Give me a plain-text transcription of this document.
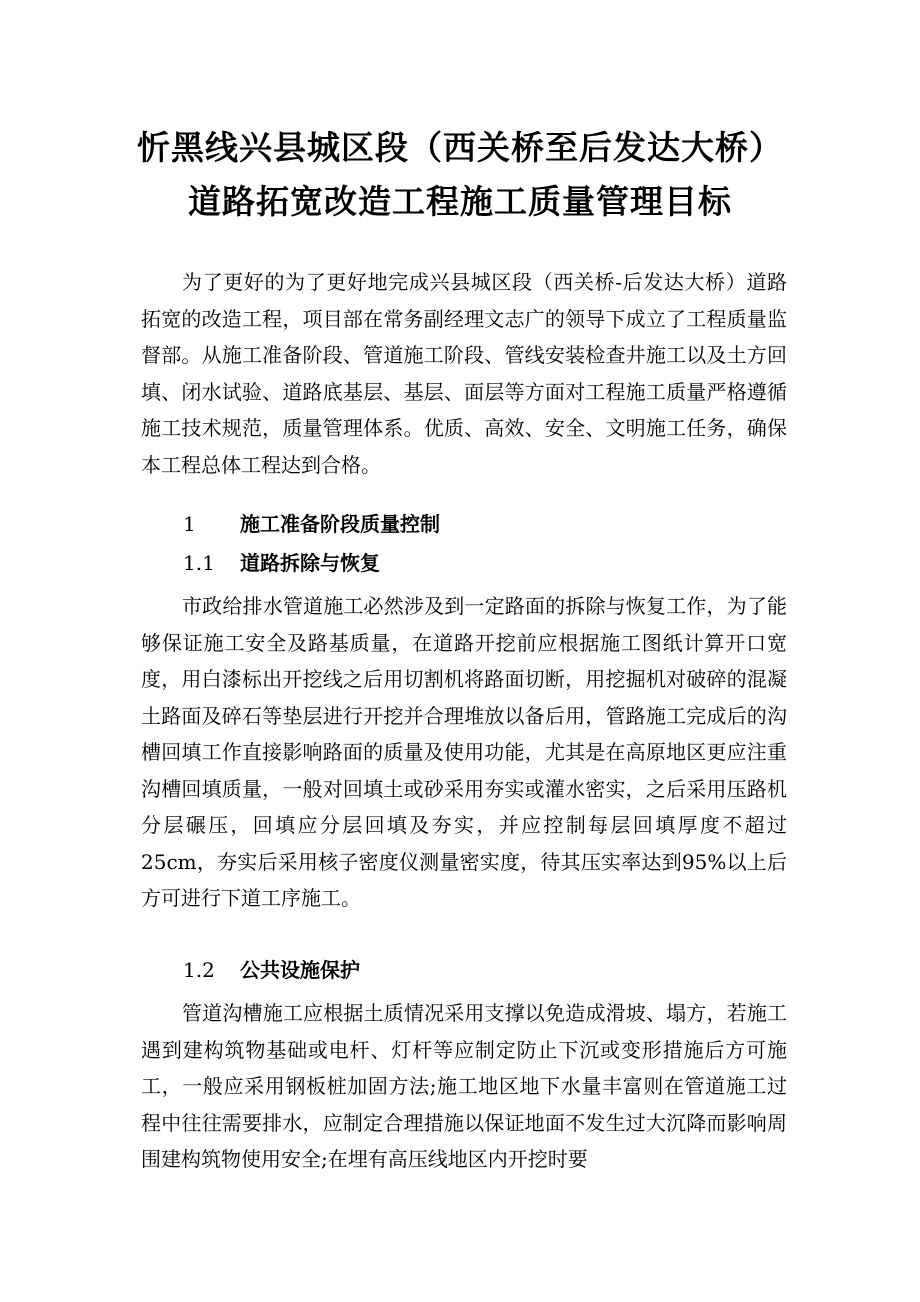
忻黑线兴县城区段（西关桥至后发达大桥）
道路拓宽改造工程施工质量管理目标

为了更好的为了更好地完成兴县城区段（西关桥-后发达大桥）道路拓宽的改造工程，项目部在常务副经理文志广的领导下成立了工程质量监督部。从施工准备阶段、管道施工阶段、管线安装检查井施工以及土方回填、闭水试验、道路底基层、基层、面层等方面对工程施工质量严格遵循施工技术规范，质量管理体系。优质、高效、安全、文明施工任务，确保本工程总体工程达到合格。

1 施工准备阶段质量控制
1.1 道路拆除与恢复

市政给排水管道施工必然涉及到一定路面的拆除与恢复工作，为了能够保证施工安全及路基质量，在道路开挖前应根据施工图纸计算开口宽度，用白漆标出开挖线之后用切割机将路面切断，用挖掘机对破碎的混凝土路面及碎石等垫层进行开挖并合理堆放以备后用，管路施工完成后的沟槽回填工作直接影响路面的质量及使用功能，尤其是在高原地区更应注重沟槽回填质量，一般对回填土或砂采用夯实或灌水密实，之后采用压路机分层碾压，回填应分层回填及夯实，并应控制每层回填厚度不超过25cm，夯实后采用核子密度仪测量密实度，待其压实率达到95%以上后方可进行下道工序施工。

1.2 公共设施保护

管道沟槽施工应根据土质情况采用支撑以免造成滑坡、塌方，若施工遇到建构筑物基础或电杆、灯杆等应制定防止下沉或变形措施后方可施工，一般应采用钢板桩加固方法;施工地区地下水量丰富则在管道施工过程中往往需要排水，应制定合理措施以保证地面不发生过大沉降而影响周围建构筑物使用安全;在埋有高压线地区内开挖时要
